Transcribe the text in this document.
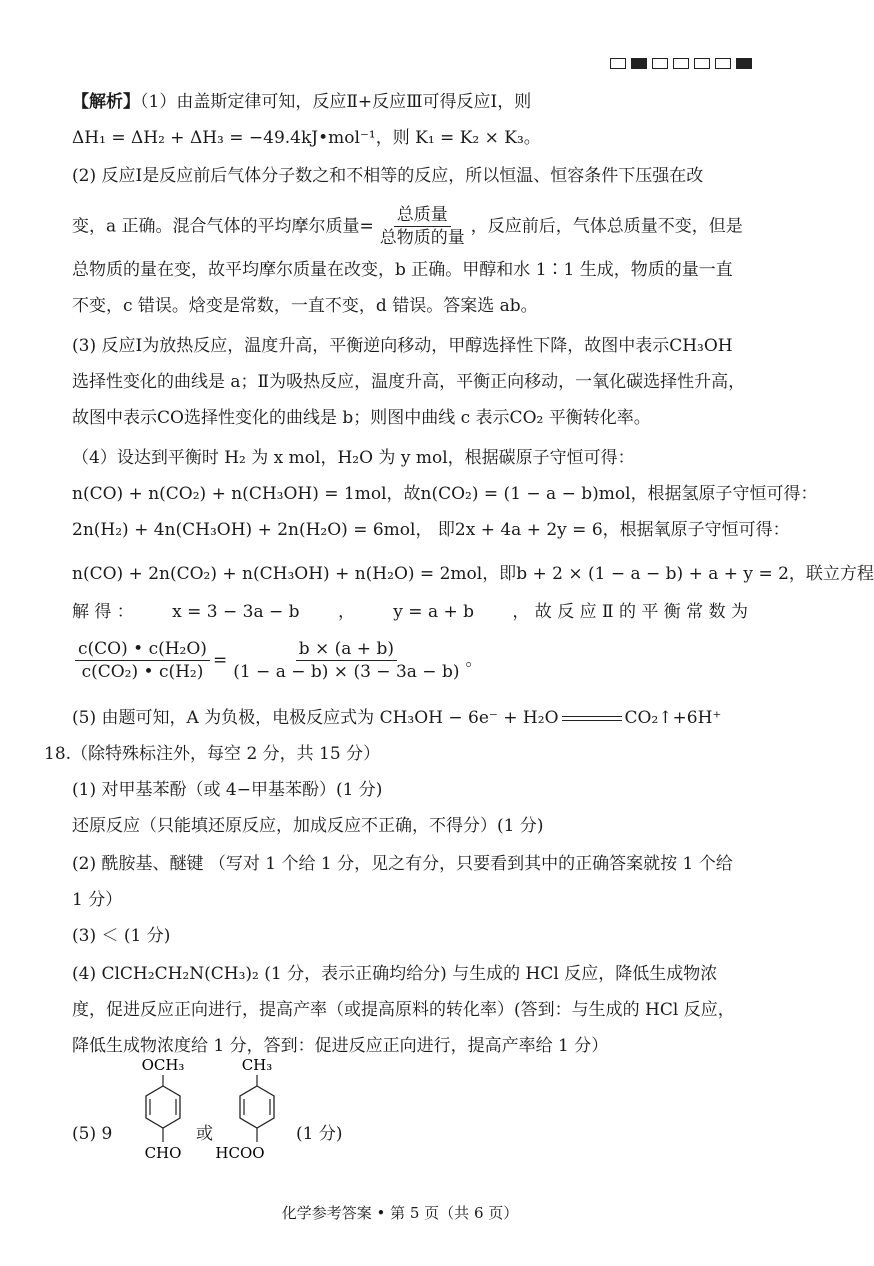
【解析】（1）由盖斯定律可知，反应Ⅱ+反应Ⅲ可得反应Ⅰ，则
ΔH₁ = ΔH₂ + ΔH₃ = −49.4kJ•mol⁻¹，则 K₁ = K₂ × K₃。
(2) 反应Ⅰ是反应前后气体分子数之和不相等的反应，所以恒温、恒容条件下压强在改
变，a 正确。混合气体的平均摩尔质量= $\frac{\text{总质量}}{\text{总物质的量}}$ ，反应前后，气体总质量不变，但是
总物质的量在变，故平均摩尔质量在改变，b 正确。甲醇和水 1∶1 生成，物质的量一直
不变，c 错误。焓变是常数，一直不变，d 错误。答案选 ab。
(3) 反应Ⅰ为放热反应，温度升高，平衡逆向移动，甲醇选择性下降，故图中表示CH₃OH
选择性变化的曲线是 a；Ⅱ为吸热反应，温度升高，平衡正向移动，一氧化碳选择性升高，
故图中表示CO选择性变化的曲线是 b；则图中曲线 c 表示CO₂ 平衡转化率。
（4）设达到平衡时 H₂ 为 x mol，H₂O 为 y mol，根据碳原子守恒可得：
n(CO) + n(CO₂) + n(CH₃OH) = 1mol，故n(CO₂) = (1 − a − b)mol，根据氢原子守恒可得：
2n(H₂) + 4n(CH₃OH) + 2n(H₂O) = 6mol， 即2x + 4a + 2y = 6，根据氧原子守恒可得：
n(CO) + 2n(CO₂) + n(CH₃OH) + n(H₂O) = 2mol，即b + 2 × (1 − a − b) + a + y = 2，联立方程
解 得 ： x = 3 − 3a − b ， y = a + b ， 故 反 应 Ⅱ 的 平 衡 常 数 为
$\frac{\text{c(CO) • c(H₂O)}}{\text{c(CO₂) • c(H₂)}} = \frac{b \times (a + b)}{(1 - a - b) \times (3 - 3a - b)}$ 。
(5) 由题可知，A 为负极，电极反应式为 CH₃OH − 6e⁻ + H₂O	CO₂↑+6H⁺
18.（除特殊标注外，每空 2 分，共 15 分）
(1) 对甲基苯酚（或 4−甲基苯酚）(1 分)
还原反应（只能填还原反应，加成反应不正确，不得分）(1 分)
(2) 酰胺基、醚键 （写对 1 个给 1 分，见之有分，只要看到其中的正确答案就按 1 个给
1 分）
(3) ＜ (1 分)
(4) ClCH₂CH₂N(CH₃)₂ (1 分，表示正确均给分) 与生成的 HCl 反应，降低生成物浓
度，促进反应正向进行，提高产率（或提高原料的转化率）(答到：与生成的 HCl 反应，
降低生成物浓度给 1 分，答到：促进反应正向进行，提高产率给 1 分）
(5) 9
OCH₃
CHO
或
CH₃
HCOO
(1 分)
化学参考答案 • 第 5 页（共 6 页）
